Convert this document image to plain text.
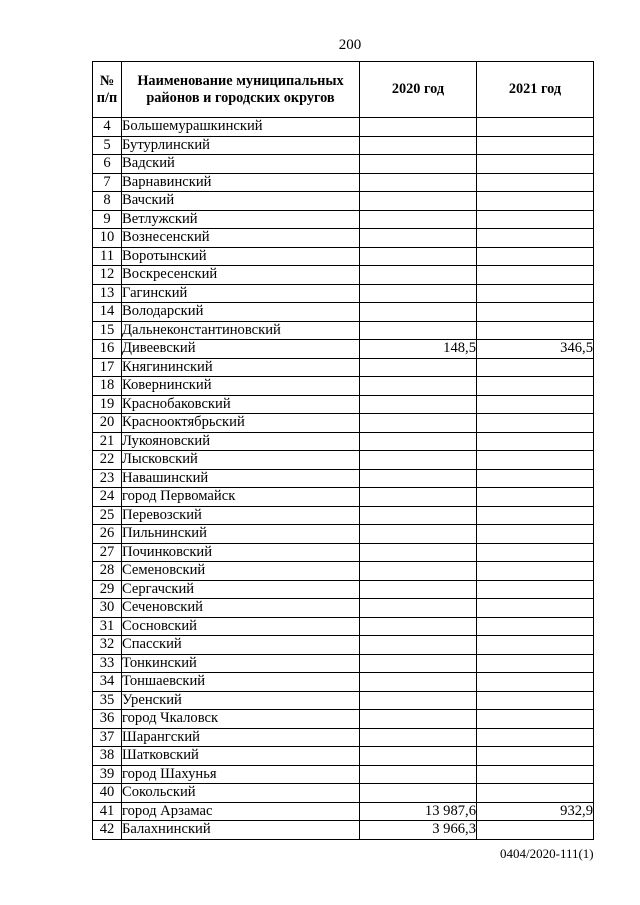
200
№
п/п	Наименование муниципальных районов и городских округов	2020 год	2021 год
4	Большемурашкинский		
5	Бутурлинский		
6	Вадский		
7	Варнавинский		
8	Вачский		
9	Ветлужский		
10	Вознесенский		
11	Воротынский		
12	Воскресенский		
13	Гагинский		
14	Володарский		
15	Дальнеконстантиновский		
16	Дивеевский	148,5	346,5
17	Княгининский		
18	Ковернинский		
19	Краснобаковский		
20	Краснооктябрьский		
21	Лукояновский		
22	Лысковский		
23	Навашинский		
24	город Первомайск		
25	Перевозский		
26	Пильнинский		
27	Починковский		
28	Семеновский		
29	Сергачский		
30	Сеченовский		
31	Сосновский		
32	Спасский		
33	Тонкинский		
34	Тоншаевский		
35	Уренский		
36	город Чкаловск		
37	Шарангский		
38	Шатковский		
39	город Шахунья		
40	Сокольский		
41	город Арзамас	13 987,6	932,9
42	Балахнинский	3 966,3	
0404/2020-111(1)
